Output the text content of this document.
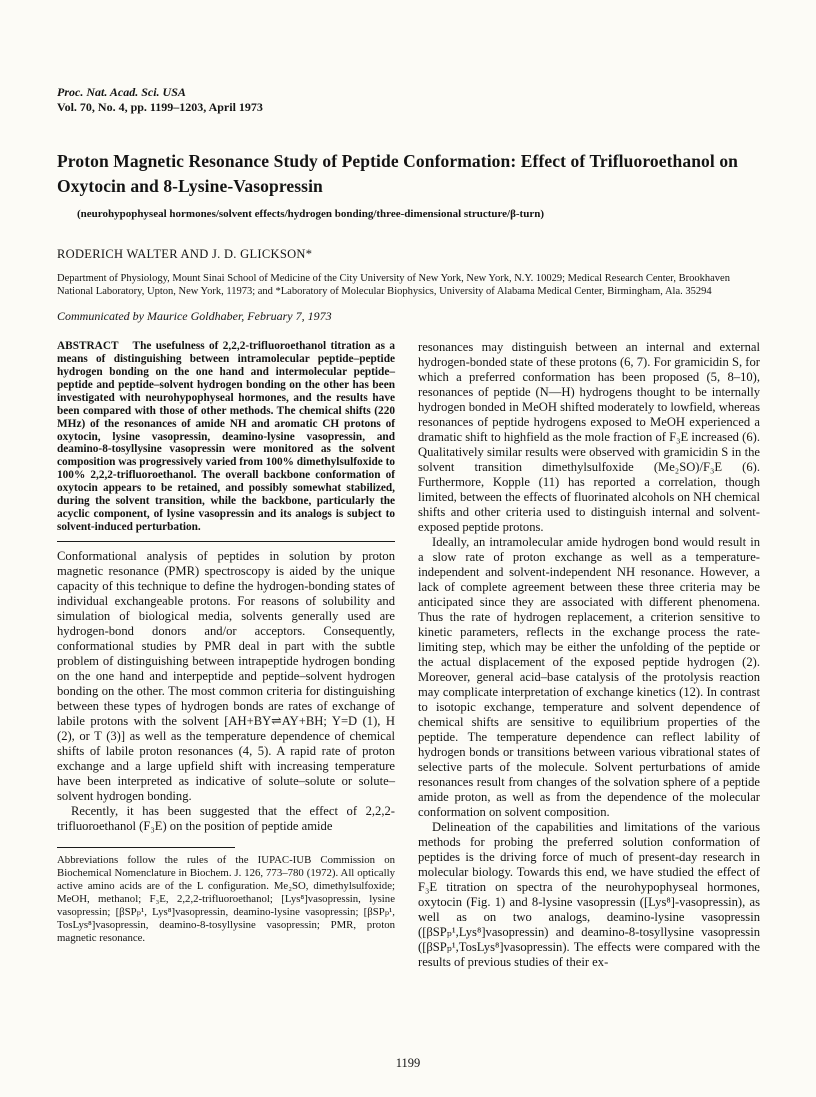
Proc. Nat. Acad. Sci. USA
Vol. 70, No. 4, pp. 1199–1203, April 1973
Proton Magnetic Resonance Study of Peptide Conformation: Effect of Trifluoroethanol on Oxytocin and 8-Lysine-Vasopressin
(neurohypophyseal hormones/solvent effects/hydrogen bonding/three-dimensional structure/β-turn)
RODERICH WALTER AND J. D. GLICKSON*
Department of Physiology, Mount Sinai School of Medicine of the City University of New York, New York, N.Y. 10029; Medical Research Center, Brookhaven National Laboratory, Upton, New York, 11973; and *Laboratory of Molecular Biophysics, University of Alabama Medical Center, Birmingham, Ala. 35294
Communicated by Maurice Goldhaber, February 7, 1973

ABSTRACT The usefulness of 2,2,2-trifluoroethanol titration as a means of distinguishing between intramolecular peptide–peptide hydrogen bonding on the one hand and intermolecular peptide–peptide and peptide–solvent hydrogen bonding on the other has been investigated with neurohypophyseal hormones, and the results have been compared with those of other methods. The chemical shifts (220 MHz) of the resonances of amide NH and aromatic CH protons of oxytocin, lysine vasopressin, deamino-lysine vasopressin, and deamino-8-tosyllysine vasopressin were monitored as the solvent composition was progressively varied from 100% dimethylsulfoxide to 100% 2,2,2-trifluoroethanol. The overall backbone conformation of oxytocin appears to be retained, and possibly somewhat stabilized, during the solvent transition, while the backbone, particularly the acyclic component, of lysine vasopressin and its analogs is subject to solvent-induced perturbation.

Conformational analysis of peptides in solution by proton magnetic resonance (PMR) spectroscopy is aided by the unique capacity of this technique to define the hydrogen-bonding states of individual exchangeable protons. For reasons of solubility and simulation of biological media, solvents generally used are hydrogen-bond donors and/or acceptors. Consequently, conformational studies by PMR deal in part with the subtle problem of distinguishing between intrapeptide hydrogen bonding on the one hand and interpeptide and peptide–solvent hydrogen bonding on the other. The most common criteria for distinguishing between these types of hydrogen bonds are rates of exchange of labile protons with the solvent [AH+BY⇌AY+BH; Y=D (1), H (2), or T (3)] as well as the temperature dependence of chemical shifts of labile proton resonances (4, 5). A rapid rate of proton exchange and a large upfield shift with increasing temperature have been interpreted as indicative of solute–solute or solute–solvent hydrogen bonding.

Recently, it has been suggested that the effect of 2,2,2-trifluoroethanol (F₃E) on the position of peptide amide

Abbreviations follow the rules of the IUPAC-IUB Commission on Biochemical Nomenclature in Biochem. J. 126, 773–780 (1972). All optically active amino acids are of the L configuration. Me₂SO, dimethylsulfoxide; MeOH, methanol; F₃E, 2,2,2-trifluoroethanol; [Lys⁸]vasopressin, lysine vasopressin; [βSPₚ¹, Lys⁸]vasopressin, deamino-lysine vasopressin; [βSPₚ¹, TosLys⁸]vasopressin, deamino-8-tosyllysine vasopressin; PMR, proton magnetic resonance.

resonances may distinguish between an internal and external hydrogen-bonded state of these protons (6, 7). For gramicidin S, for which a preferred conformation has been proposed (5, 8–10), resonances of peptide (N—H) hydrogens thought to be internally hydrogen bonded in MeOH shifted moderately to lowfield, whereas resonances of peptide hydrogens exposed to MeOH experienced a dramatic shift to highfield as the mole fraction of F₃E increased (6). Qualitatively similar results were observed with gramicidin S in the solvent transition dimethylsulfoxide (Me₂SO)/F₃E (6). Furthermore, Kopple (11) has reported a correlation, though limited, between the effects of fluorinated alcohols on NH chemical shifts and other criteria used to distinguish internal and solvent-exposed peptide protons.

Ideally, an intramolecular amide hydrogen bond would result in a slow rate of proton exchange as well as a temperature-independent and solvent-independent NH resonance. However, a lack of complete agreement between these three criteria may be anticipated since they are associated with different phenomena. Thus the rate of hydrogen replacement, a criterion sensitive to kinetic parameters, reflects in the exchange process the rate-limiting step, which may be either the unfolding of the peptide or the actual displacement of the exposed peptide hydrogen (2). Moreover, general acid–base catalysis of the protolysis reaction may complicate interpretation of exchange kinetics (12). In contrast to isotopic exchange, temperature and solvent dependence of chemical shifts are sensitive to equilibrium properties of the peptide. The temperature dependence can reflect lability of hydrogen bonds or transitions between various vibrational states of selective parts of the molecule. Solvent perturbations of amide resonances result from changes of the solvation sphere of a peptide amide proton, as well as from the dependence of the molecular conformation on solvent composition.

Delineation of the capabilities and limitations of the various methods for probing the preferred solution conformation of peptides is the driving force of much of present-day research in molecular biology. Towards this end, we have studied the effect of F₃E titration on spectra of the neurohypophyseal hormones, oxytocin (Fig. 1) and 8-lysine vasopressin ([Lys⁸]-vasopressin), as well as on two analogs, deamino-lysine vasopressin ([βSPₚ¹,Lys⁸]vasopressin) and deamino-8-tosyllysine vasopressin ([βSPₚ¹,TosLys⁸]vasopressin). The effects were compared with the results of previous studies of their ex-

1199
